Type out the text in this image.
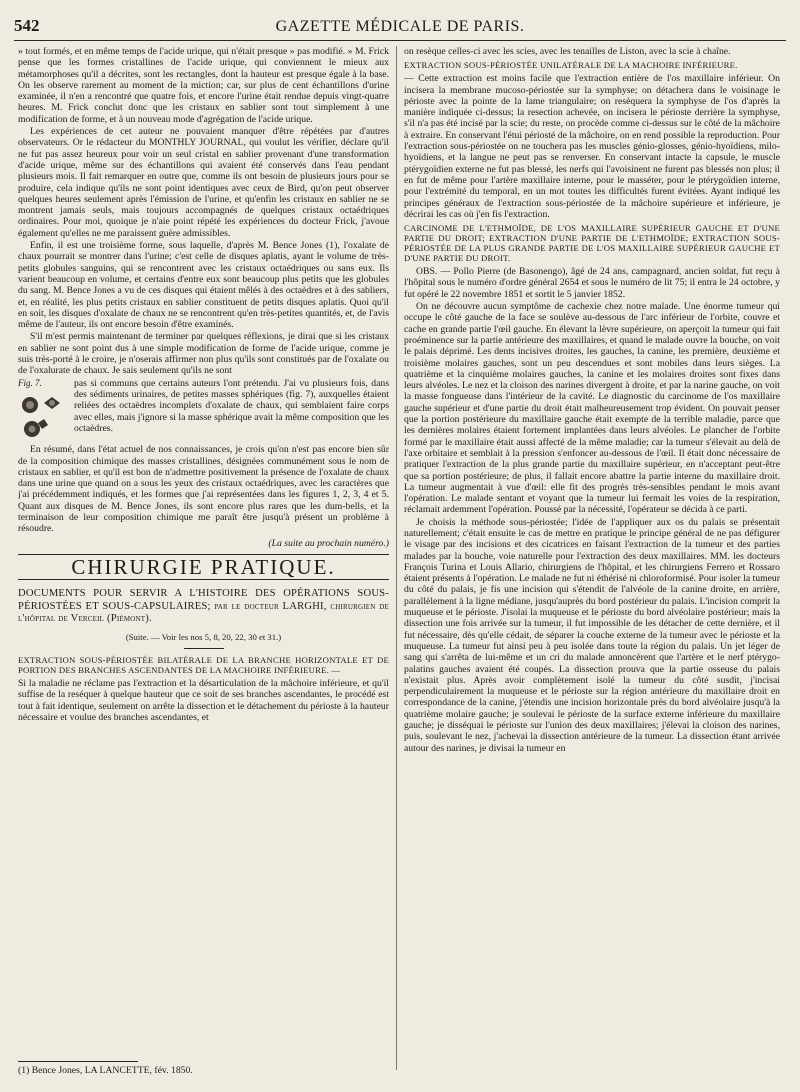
542	GAZETTE MÉDICALE DE PARIS.

» tout formés, et en même temps de l'acide urique, qui n'était presque » pas modifié. » M. Frick pense que les formes cristallines de l'acide urique, qui conviennent le mieux aux métamorphoses qu'il a décrites, sont les rectangles, dont la hauteur est presque égale à la base. On les observe rarement au moment de la miction; car, sur plus de cent échantillons d'urine examinée, il n'en a rencontré que quatre fois, et encore l'urine était rendue depuis vingt-quatre heures. M. Frick conclut donc que les cristaux en sablier sont tout simplement à une modification de forme, et à un nouveau mode d'agrégation de l'acide urique.

Les expériences de cet auteur ne pouvaient manquer d'être répétées par d'autres observateurs. Or le rédacteur du MONTHLY JOURNAL, qui voulut les vérifier, déclare qu'il ne fut pas assez heureux pour voir un seul cristal en sablier provenant d'une transformation d'acide urique, même sur des échantillons qui avaient été conservés dans l'eau pendant plusieurs mois. Il fait remarquer en outre que, comme ils ont besoin de plusieurs jours pour se produire, cela indique qu'ils ne sont point identiques avec ceux de Bird, qu'on peut observer quelques heures seulement après l'émission de l'urine, et qu'enfin les cristaux en sablier ne se montrent jamais seuls, mais toujours accompagnés de quelques cristaux octaédriques ordinaires. Pour moi, quoique je n'aie point répété les expériences du docteur Frick, j'avoue également qu'elles ne me paraissent guère admissibles.

Enfin, il est une troisième forme, sous laquelle, d'après M. Bence Jones (1), l'oxalate de chaux pourrait se montrer dans l'urine; c'est celle de disques aplatis, ayant le volume de très-petits globules sanguins, qui se rencontrent avec les cristaux octaédriques ou sans eux. Ils varient beaucoup en volume, et certains d'entre eux sont beaucoup plus petits que les globules du sang. M. Bence Jones a vu de ces disques qui étaient mêlés à des octaèdres et à des sabliers, et, en réalité, les plus petits cristaux en sablier constituent de petits disques aplatis. Quoi qu'il en soit, les disques d'oxalate de chaux ne se rencontrent qu'en très-petites quantités, et, de l'avis même de l'auteur, ils ont encore besoin d'être examinés.

S'il m'est permis maintenant de terminer par quelques réflexions, je dirai que si les cristaux en sablier ne sont point dus à une simple modification de forme de l'acide urique, comme je suis très-porté à le croire, je n'oserais affirmer non plus qu'ils sont constitués par de l'oxalate ou de l'oxalurate de chaux. Je sais seulement qu'ils ne sont

Fig. 7.	pas si communs que certains auteurs l'ont prétendu. J'ai vu plusieurs fois, dans des sédiments urinaires, de petites masses sphériques (fig. 7), auxquelles étaient reliées des octaèdres incomplets d'oxalate de chaux, qui semblaient faire corps avec elles, mais j'ignore si la masse sphérique avait la même composition que les octaèdres.

En résumé, dans l'état actuel de nos connaissances, je crois qu'on n'est pas encore bien sûr de la composition chimique des masses cristallines, désignées communément sous le nom de cristaux en sablier, et qu'il est bon de n'admettre positivement la présence de l'oxalate de chaux dans une urine que quand on a sous les yeux des cristaux octaédriques, avec les caractères que j'ai précédemment indiqués, et les formes que j'ai représentées dans les figures 1, 2, 3, 4 et 5. Quant aux disques de M. Bence Jones, ils sont encore plus rares que les dum-bells, et la terminaison de leur composition chimique me paraît être jusqu'à présent un problème à résoudre.

(La suite au prochain numéro.)

CHIRURGIE PRATIQUE.

DOCUMENTS POUR SERVIR A L'HISTOIRE DES OPÉRATIONS SOUS-PÉRIOSTÉES ET SOUS-CAPSULAIRES; par le docteur LARGHI, chirurgien de l'hôpital de Verceil (Piémont).

(Suite. — Voir les nos 5, 8, 20, 22, 30 et 31.)

EXTRACTION SOUS-PÉRIOSTÉE BILATÉRALE DE LA BRANCHE HORIZONTALE ET DE PORTION DES BRANCHES ASCENDANTES DE LA MACHOIRE INFÉRIEURE. —

Si la maladie ne réclame pas l'extraction et la désarticulation de la mâchoire inférieure, et qu'il suffise de la reséquer à quelque hauteur que ce soit de ses branches ascendantes, le procédé est tout à fait identique, seulement on arrête la dissection et le détachement du périoste à la hauteur nécessaire et voulue des branches ascendantes, et

(1) Bence Jones, LA LANCETTE, fév. 1850.

on resèque celles-ci avec les scies, avec les tenailles de Liston, avec la scie à chaîne.

EXTRACTION SOUS-PÉRIOSTÉE UNILATÉRALE DE LA MACHOIRE INFÉRIEURE.

— Cette extraction est moins facile que l'extraction entière de l'os maxillaire inférieur. On incisera la membrane mucoso-périostée sur la symphyse; on détachera dans le voisinage le périoste avec la pointe de la lame triangulaire; on resèquera la symphyse de l'os d'après la manière indiquée ci-dessus; la resection achevée, on incisera le périoste derrière la symphyse, s'il n'a pas été incisé par la scie; du reste, on procède comme ci-dessus sur le côté de la mâchoire à extraire. En conservant l'étui périosté de la mâchoire, on en rend possible la reproduction. Pour l'extraction sous-périostée on ne touchera pas les muscles génio-glosses, génio-hyoïdiens, milo-hyoïdiens, et la langue ne peut pas se renverser. En conservant intacte la capsule, le muscle ptérygoïdien externe ne fut pas blessé, les nerfs qui l'avoisinent ne furent pas blessés non plus; il en fut de même pour l'artère maxillaire interne, pour le masséter, pour le ptérygoïdien interne, pour l'extrémité du temporal, en un mot toutes les difficultés furent évitées. Ayant indiqué les principes généraux de l'extraction sous-périostée de la mâchoire supérieure et inférieure, je décrirai les cas où j'en fis l'extraction.

CARCINOME DE L'ETHMOÏDE, DE L'OS MAXILLAIRE SUPÉRIEUR GAUCHE ET D'UNE PARTIE DU DROIT; EXTRACTION D'UNE PARTIE DE L'ETHMOÏDE; EXTRACTION SOUS-PÉRIOSTÉE DE LA PLUS GRANDE PARTIE DE L'OS MAXILLAIRE SUPÉRIEUR GAUCHE ET D'UNE PARTIE DU DROIT.

OBS. — Pollo Pierre (de Basonengo), âgé de 24 ans, campagnard, ancien soldat, fut reçu à l'hôpital sous le numéro d'ordre général 2654 et sous le numéro de lit 75; il entra le 24 octobre, y fut opéré le 22 novembre 1851 et sortit le 5 janvier 1852.

On ne découvre aucun symptôme de cachexie chez notre malade. Une énorme tumeur qui occupe le côté gauche de la face se soulève au-dessous de l'arc inférieur de l'orbite, couvre et cache en grande partie l'œil gauche. En élevant la lèvre supérieure, on aperçoit la tumeur qui fait proéminence sur la partie antérieure des maxillaires, et quand le malade ouvre la bouche, on voit le palais déprimé. Les dents incisives droites, les gauches, la canine, les première, deuxième et troisième molaires gauches, sont un peu descendues et sont mobiles dans leurs sièges. La quatrième et la cinquième molaires gauches, la canine et les molaires droites sont fixes dans leurs alvéoles. Le nez et la cloison des narines divergent à droite, et par la narine gauche, on voit la masse fongueuse dans l'intérieur de la cavité. Le diagnostic du carcinome de l'os maxillaire gauche supérieur et d'une partie du droit était malheureusement trop évident. On pouvait penser que la portion postérieure du maxillaire gauche était exempte de la terrible maladie, parce que les dernières molaires étaient fortement implantées dans leurs alvéoles. Le plancher de l'orbite formé par le maxillaire était aussi affecté de la même maladie; car la tumeur s'élevait au delà de l'axe orbitaire et semblait à la pression s'enfoncer au-dessous de l'œil. Il était donc nécessaire de pratiquer l'extraction de la plus grande partie du maxillaire supérieur, en n'acceptant peut-être que sa portion postérieure; de plus, il fallait encore abattre la partie interne du maxillaire droit. La tumeur augmentait à vue d'œil: elle fit des progrès très-sensibles pendant le mois avant l'opération. Le malade sentant et voyant que la tumeur lui fermait les voies de la respiration, réclamait ardemment l'opération. Poussé par la nécessité, l'opérateur se décida à ce parti.

Je choisis la méthode sous-périostée; l'idée de l'appliquer aux os du palais se présentait naturellement; c'était ensuite le cas de mettre en pratique le principe général de ne pas défigurer le visage par des incisions et des cicatrices en faisant l'extraction de la tumeur et des parties malades par la bouche, voie naturelle pour l'extraction des deux maxillaires. MM. les docteurs François Turina et Louis Allario, chirurgiens de l'hôpital, et les chirurgiens Ferrero et Rossaro étaient présents à l'opération. Le malade ne fut ni éthérisé ni chloroformisé. Pour isoler la tumeur du côté du palais, je fis une incision qui s'étendit de l'alvéole de la canine droite, en arrière, parallèlement à la ligne médiane, jusqu'auprès du bord postérieur du palais. L'incision comprit la muqueuse et le périoste. J'isolai la muqueuse et le périoste du bord alvéolaire postérieur; mais la dissection une fois arrivée sur la tumeur, il fut impossible de les détacher de cette dernière, et il fut nécessaire, dès qu'elle cédait, de séparer la couche externe de la tumeur avec le périoste et la muqueuse. La tumeur fut ainsi peu à peu isolée dans toute la région du palais. Un jet léger de sang qui s'arrêta de lui-même et un cri du malade annoncèrent que l'artère et le nerf ptérygo-palatins gauches avaient été coupés. La dissection prouva que la partie osseuse du palais n'existait plus. Après avoir complètement isolé la tumeur du côté susdit, j'incisai perpendiculairement la muqueuse et le périoste sur la région antérieure du maxillaire droit en correspondance de la canine, j'étendis une incision horizontale près du bord alvéolaire jusqu'à la quatrième molaire gauche; je soulevai le périoste de la surface externe inférieure du maxillaire gauche; je disséquai le périoste sur l'union des deux maxillaires; j'élevai la cloison des narines, puis, soulevant le nez, j'achevai la dissection antérieure de la tumeur. La dissection étant arrivée autour des narines, je divisai la tumeur en
